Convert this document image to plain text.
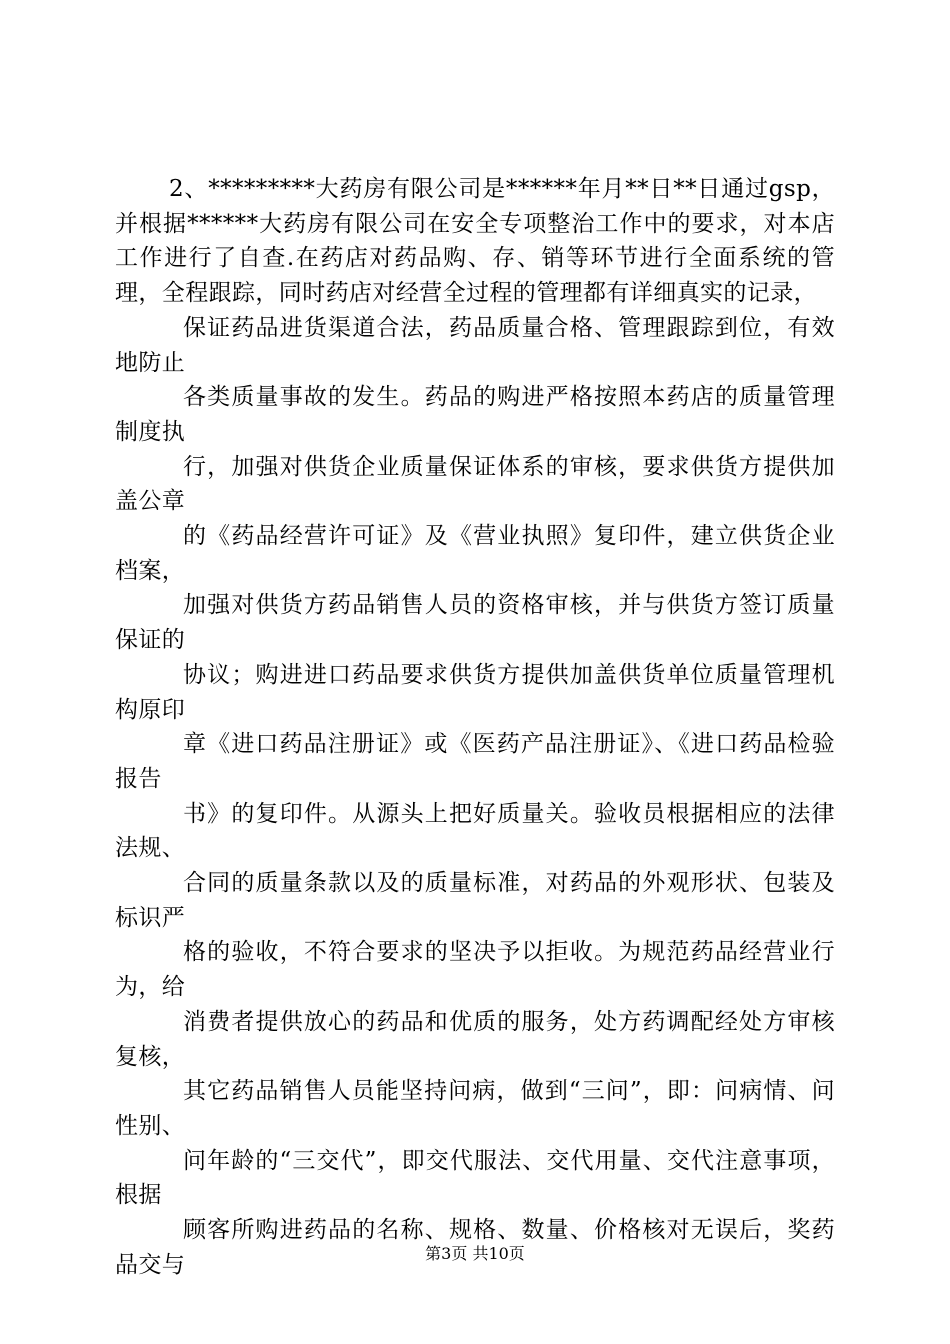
2、*********大药房有限公司是******年月**日**日通过gsp，并根据******大药房有限公司在安全专项整治工作中的要求，对本店工作进行了自查.在药店对药品购、存、销等环节进行全面系统的管理，全程跟踪，同时药店对经营全过程的管理都有详细真实的记录，

保证药品进货渠道合法，药品质量合格、管理跟踪到位，有效地防止

各类质量事故的发生。药品的购进严格按照本药店的质量管理制度执

行，加强对供货企业质量保证体系的审核，要求供货方提供加盖公章

的《药品经营许可证》及《营业执照》复印件，建立供货企业档案，

加强对供货方药品销售人员的资格审核，并与供货方签订质量保证的

协议；购进进口药品要求供货方提供加盖供货单位质量管理机构原印

章《进口药品注册证》或《医药产品注册证》、《进口药品检验报告

书》的复印件。从源头上把好质量关。验收员根据相应的法律法规、

合同的质量条款以及的质量标准，对药品的外观形状、包装及标识严

格的验收，不符合要求的坚决予以拒收。为规范药品经营业行为，给

消费者提供放心的药品和优质的服务，处方药调配经处方审核复核，

其它药品销售人员能坚持问病，做到“三问”，即：问病情、问性别、

问年龄的“三交代”，即交代服法、交代用量、交代注意事项，根据

顾客所购进药品的名称、规格、数量、价格核对无误后，奖药品交与	第3页 共10页
